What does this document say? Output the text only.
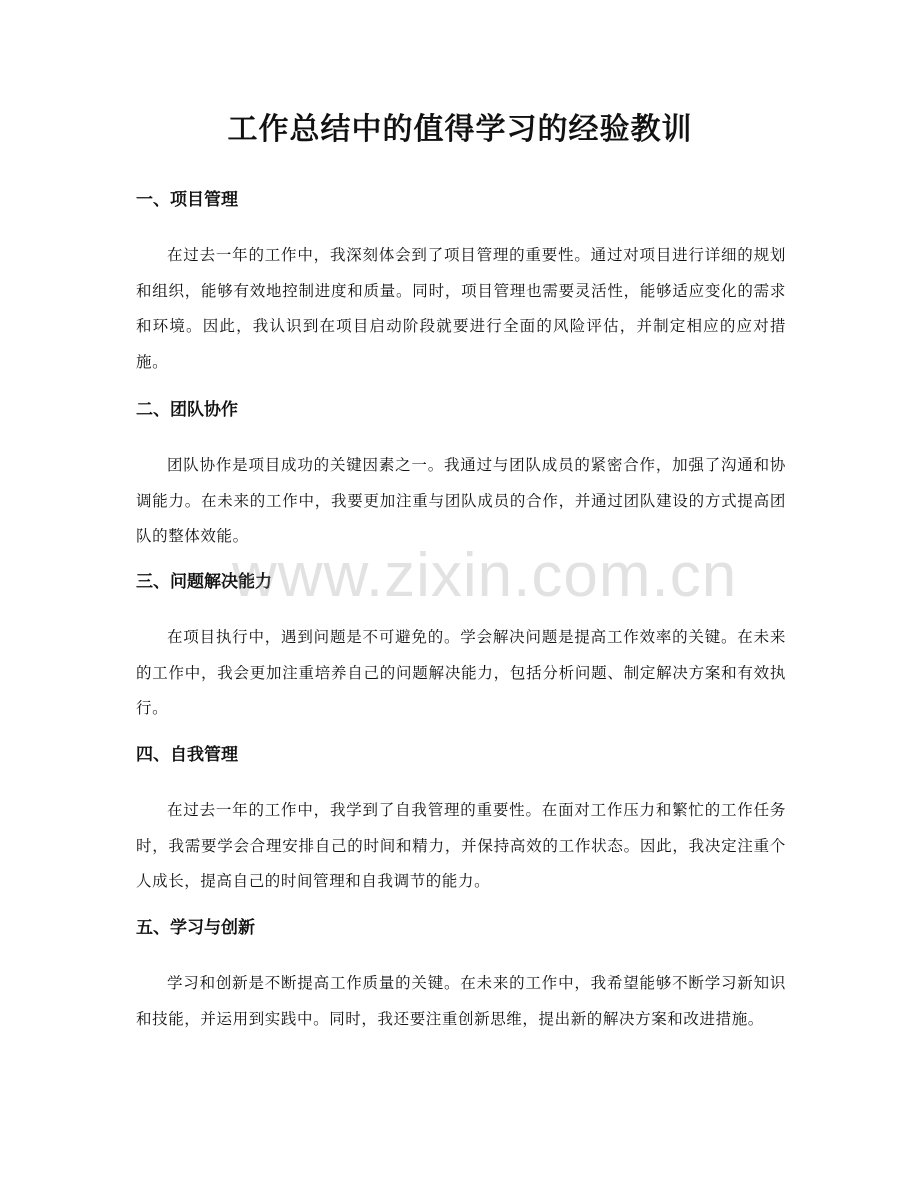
工作总结中的值得学习的经验教训
一、项目管理

在过去一年的工作中，我深刻体会到了项目管理的重要性。通过对项目进行详细的规划和组织，能够有效地控制进度和质量。同时，项目管理也需要灵活性，能够适应变化的需求和环境。因此，我认识到在项目启动阶段就要进行全面的风险评估，并制定相应的应对措施。

二、团队协作

团队协作是项目成功的关键因素之一。我通过与团队成员的紧密合作，加强了沟通和协调能力。在未来的工作中，我要更加注重与团队成员的合作，并通过团队建设的方式提高团队的整体效能。

三、问题解决能力

在项目执行中，遇到问题是不可避免的。学会解决问题是提高工作效率的关键。在未来的工作中，我会更加注重培养自己的问题解决能力，包括分析问题、制定解决方案和有效执行。

四、自我管理

在过去一年的工作中，我学到了自我管理的重要性。在面对工作压力和繁忙的工作任务时，我需要学会合理安排自己的时间和精力，并保持高效的工作状态。因此，我决定注重个人成长，提高自己的时间管理和自我调节的能力。

五、学习与创新

学习和创新是不断提高工作质量的关键。在未来的工作中，我希望能够不断学习新知识和技能，并运用到实践中。同时，我还要注重创新思维，提出新的解决方案和改进措施。

www.zixin.com.cn
